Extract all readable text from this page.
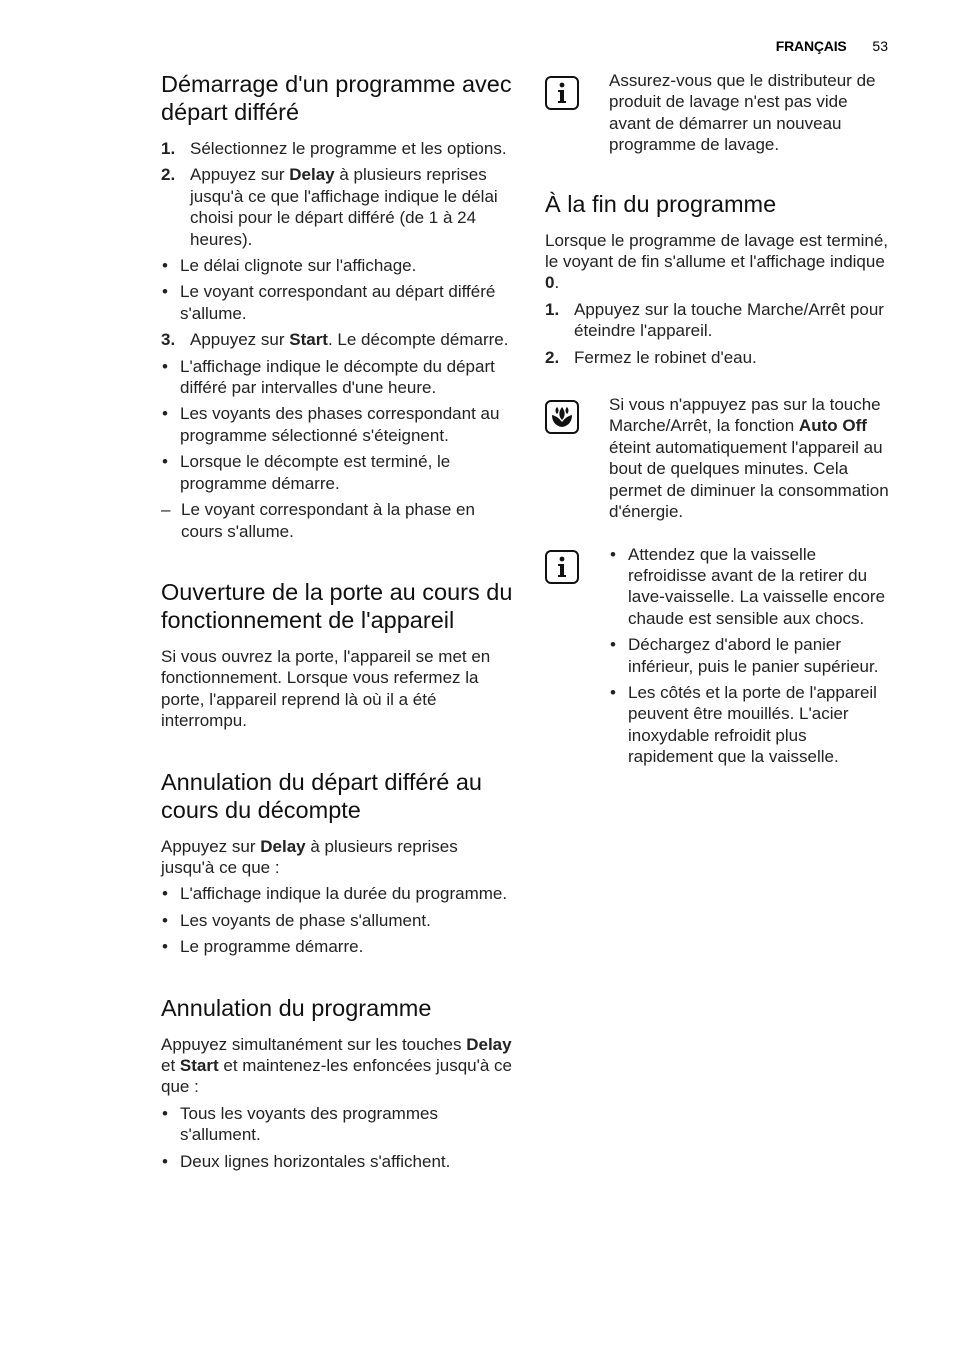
FRANÇAIS 53
Démarrage d'un programme avec départ différé
1. Sélectionnez le programme et les options.
2. Appuyez sur Delay à plusieurs reprises jusqu'à ce que l'affichage indique le délai choisi pour le départ différé (de 1 à 24 heures).
• Le délai clignote sur l'affichage.
• Le voyant correspondant au départ différé s'allume.
3. Appuyez sur Start. Le décompte démarre.
• L'affichage indique le décompte du départ différé par intervalles d'une heure.
• Les voyants des phases correspondant au programme sélectionné s'éteignent.
• Lorsque le décompte est terminé, le programme démarre.
– Le voyant correspondant à la phase en cours s'allume.
Ouverture de la porte au cours du fonctionnement de l'appareil

Si vous ouvrez la porte, l'appareil se met en fonctionnement. Lorsque vous refermez la porte, l'appareil reprend là où il a été interrompu.

Annulation du départ différé au cours du décompte

Appuyez sur Delay à plusieurs reprises jusqu'à ce que :

• L'affichage indique la durée du programme.
• Les voyants de phase s'allument.
• Le programme démarre.
Annulation du programme

Appuyez simultanément sur les touches Delay et Start et maintenez-les enfoncées jusqu'à ce que :

• Tous les voyants des programmes s'allument.
• Deux lignes horizontales s'affichent.

Assurez-vous que le distributeur de produit de lavage n'est pas vide avant de démarrer un nouveau programme de lavage.

À la fin du programme

Lorsque le programme de lavage est terminé, le voyant de fin s'allume et l'affichage indique 0.

1. Appuyez sur la touche Marche/Arrêt pour éteindre l'appareil.
2. Fermez le robinet d'eau.

Si vous n'appuyez pas sur la touche Marche/Arrêt, la fonction Auto Off éteint automatiquement l'appareil au bout de quelques minutes. Cela permet de diminuer la consommation d'énergie.

• Attendez que la vaisselle refroidisse avant de la retirer du lave-vaisselle. La vaisselle encore chaude est sensible aux chocs.
• Déchargez d'abord le panier inférieur, puis le panier supérieur.
• Les côtés et la porte de l'appareil peuvent être mouillés. L'acier inoxydable refroidit plus rapidement que la vaisselle.
